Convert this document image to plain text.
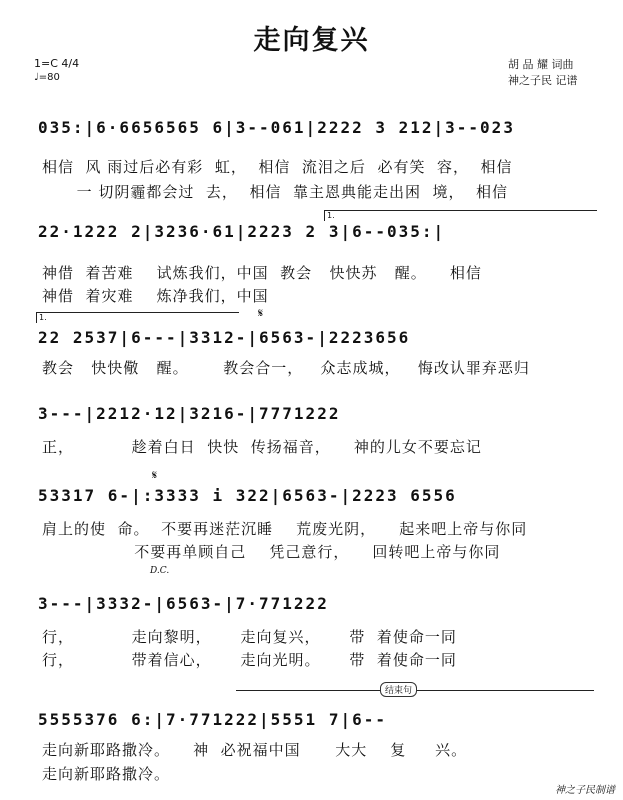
走向复兴
1=C 4/4
♩=80
胡 品 耀 词曲
神之子民 记谱
035:|6·6656565 6|3--061|2222 3 212|3--023
相信  风 雨过后必有彩  虹，  相信  流泪之后  必有笑  容，  相信
一 切阴霾都会过  去，  相信  靠主恩典能走出困  境，  相信
1.
22·1222 2|3236·61|2223 2 3|6--035:|
神借  着苦难    试炼我们，中国  教会   快快苏   醒。    相信
神借  着灾难    炼净我们，中国
𝄋
1.
22 2537|6---|3312-|6563-|2223656
教会   快快儆   醒。      教会合一，   众志成城，   悔改认罪弃恶归
3---|2212·12|3216-|7771222
正，          趁着白日  快快  传扬福音，    神的儿女不要忘记
𝄋
53317 6-|:3333 i 322|6563-|2223 6556
肩上的使  命。  不要再迷茫沉睡    荒废光阴，    起来吧上帝与你同
不要再单顾自己    凭己意行，    回转吧上帝与你同
D.C.
3---|3332-|6563-|7·771222
行，          走向黎明，     走向复兴，     带  着使命一同
行，          带着信心，     走向光明。     带  着使命一同
结束句
5555376 6:|7·771222|5551 7|6--
走向新耶路撒冷。    神  必祝福中国      大大    复     兴。
走向新耶路撒冷。
神之子民制谱
